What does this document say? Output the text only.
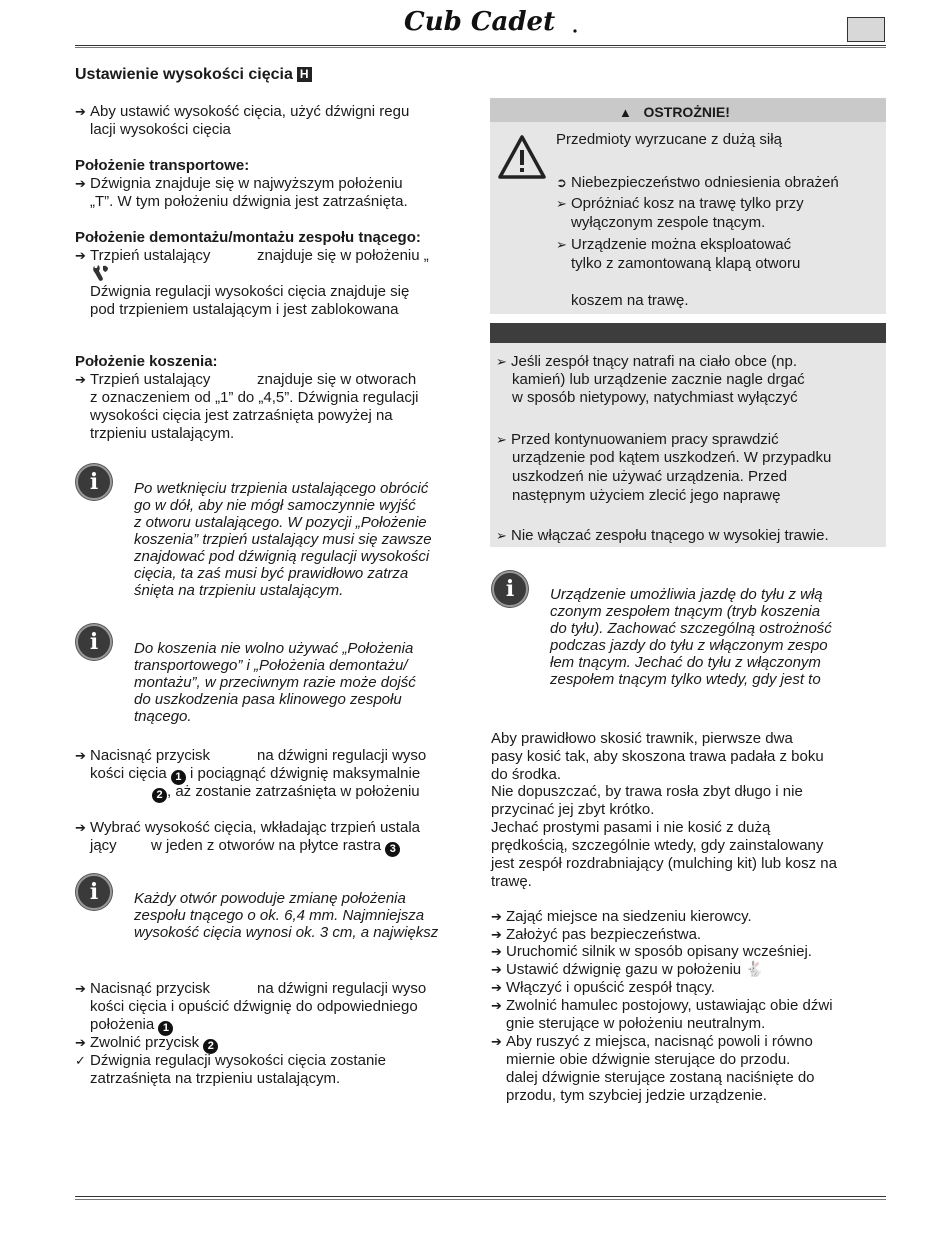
Cub Cadet
Ustawienie wysokości cięcia H
➔ Aby ustawić wysokość cięcia, użyć dźwigni regu
lacji wysokości cięcia
Położenie transportowe:
➔ Dźwignia znajduje się w najwyższym położeniu
„T”. W tym położeniu dźwignia jest zatrzaśnięta.
Położenie demontażu/montażu zespołu tnącego:
➔ Trzpień ustalający	znajduje się w położeniu „
Dźwignia regulacji wysokości cięcia znajduje się
pod trzpieniem ustalającym i jest zablokowana
Położenie koszenia:
➔ Trzpień ustalający	znajduje się w otworach
z oznaczeniem od „1” do „4,5”. Dźwignia regulacji
wysokości cięcia jest zatrzaśnięta powyżej na
trzpieniu ustalającym.
i	Po wetknięciu trzpienia ustalającego obrócić
go w dół, aby nie mógł samoczynnie wyjść
z otworu ustalającego. W pozycji „Położenie
koszenia” trzpień ustalający musi się zawsze
znajdować pod dźwignią regulacji wysokości
cięcia, ta zaś musi być prawidłowo zatrza
śnięta na trzpieniu ustalającym.
i	Do koszenia nie wolno używać „Położenia
transportowego” i „Położenia demontażu/
montażu”, w przeciwnym razie może dojść
do uszkodzenia pasa klinowego zespołu
tnącego.
➔ Nacisnąć przycisk	na dźwigni regulacji wyso
kości cięcia 1 i pociągnąć dźwignię maksymalnie
2 , aż zostanie zatrzaśnięta w położeniu
➔ Wybrać wysokość cięcia, wkładając trzpień ustala
jący w jeden z otworów na płytce rastra 3
i	Każdy otwór powoduje zmianę położenia
zespołu tnącego o ok. 6,4 mm. Najmniejsza
wysokość cięcia wynosi ok. 3 cm, a największ
➔ Nacisnąć przycisk	na dźwigni regulacji wyso
kości cięcia i opuścić dźwignię do odpowiedniego
położenia 1
➔ Zwolnić przycisk 2
✓ Dźwignia regulacji wysokości cięcia zostanie
zatrzaśnięta na trzpieniu ustalającym.
▲ OSTROŻNIE!
Przedmioty wyrzucane z dużą siłą
➲ Niebezpieczeństwo odniesienia obrażeń
➢ Opróżniać kosz na trawę tylko przy
wyłączonym zespole tnącym.
➢ Urządzenie można eksploatować
tylko z zamontowaną klapą otworu
koszem na trawę.
➢ Jeśli zespół tnący natrafi na ciało obce (np.
kamień) lub urządzenie zacznie nagle drgać
w sposób nietypowy, natychmiast wyłączyć
➢ Przed kontynuowaniem pracy sprawdzić
urządzenie pod kątem uszkodzeń. W przypadku
uszkodzeń nie używać urządzenia. Przed
następnym użyciem zlecić jego naprawę
➢ Nie włączać zespołu tnącego w wysokiej trawie.
i	Urządzenie umożliwia jazdę do tyłu z włą
czonym zespołem tnącym (tryb koszenia
do tyłu). Zachować szczególną ostrożność
podczas jazdy do tyłu z włączonym zespo
łem tnącym. Jechać do tyłu z włączonym
zespołem tnącym tylko wtedy, gdy jest to
Aby prawidłowo skosić trawnik, pierwsze dwa
pasy kosić tak, aby skoszona trawa padała z boku
do środka.
Nie dopuszczać, by trawa rosła zbyt długo i nie
przycinać jej zbyt krótko.
Jechać prostymi pasami i nie kosić z dużą
prędkością, szczególnie wtedy, gdy zainstalowany
jest zespół rozdrabniający (mulching kit) lub kosz na
trawę.
➔ Zająć miejsce na siedzeniu kierowcy.
➔ Założyć pas bezpieczeństwa.
➔ Uruchomić silnik w sposób opisany wcześniej.
➔ Ustawić dźwignię gazu w położeniu 🐇
➔ Włączyć i opuścić zespół tnący.
➔ Zwolnić hamulec postojowy, ustawiając obie dźwi
gnie sterujące w położeniu neutralnym.
➔ Aby ruszyć z miejsca, nacisnąć powoli i równo
miernie obie dźwignie sterujące do przodu.
dalej dźwignie sterujące zostaną naciśnięte do
przodu, tym szybciej jedzie urządzenie.
